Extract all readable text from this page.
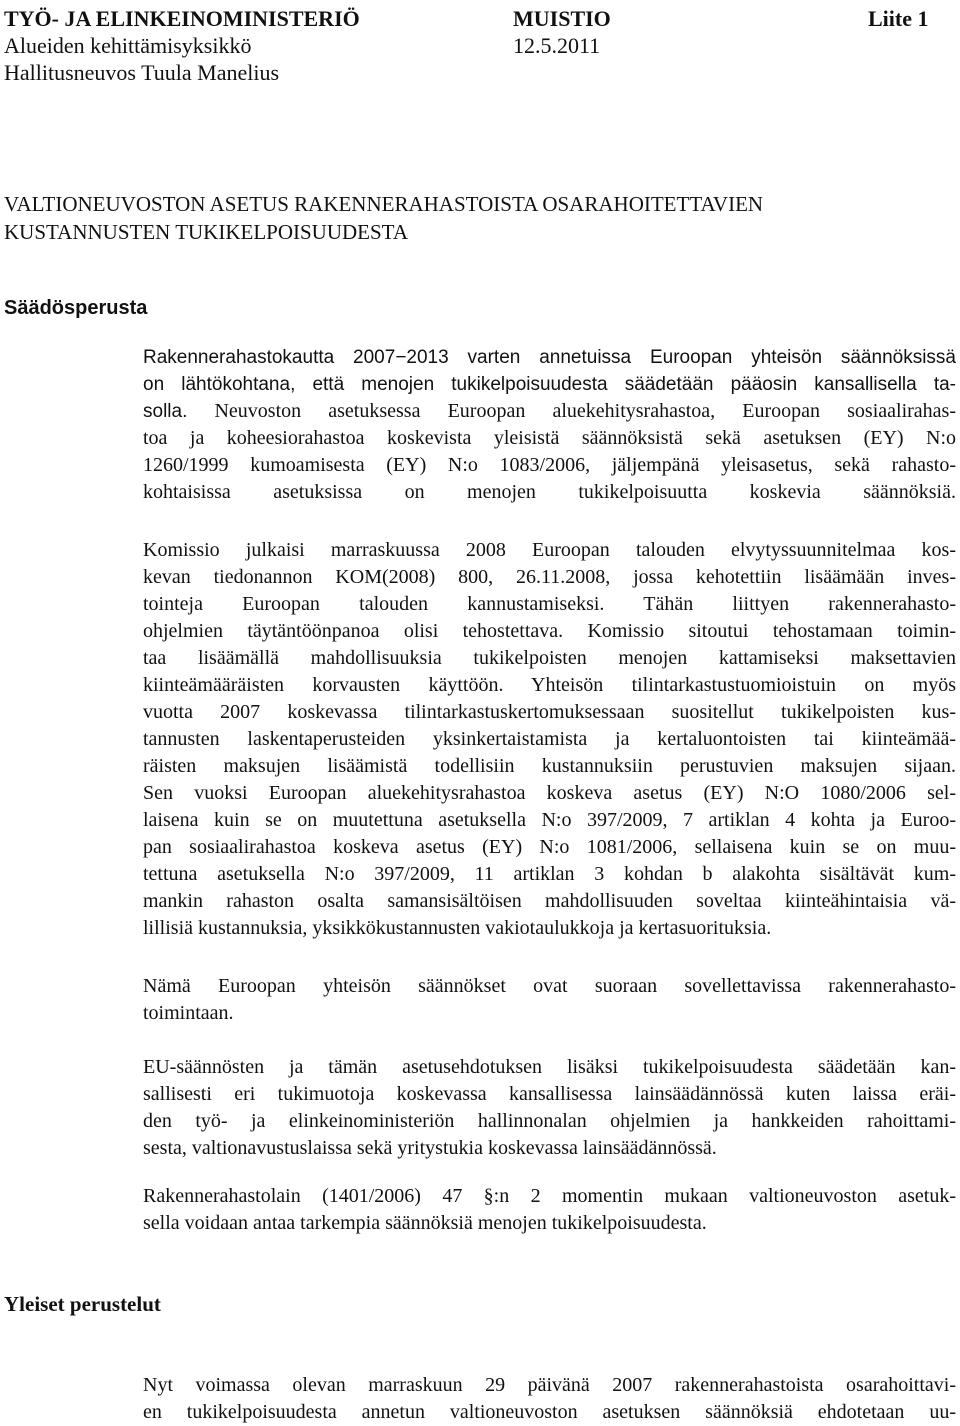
TYÖ- JA ELINKEINOMINISTERIÖ	MUISTIO	Liite 1
Alueiden kehittämisyksikkö	12.5.2011
Hallitusneuvos Tuula Manelius
VALTIONEUVOSTON ASETUS RAKENNERAHASTOISTA OSARAHOITETTAVIEN
KUSTANNUSTEN TUKIKELPOISUUDESTA
Säädösperusta
Rakennerahastokautta 2007−2013 varten annetuissa Euroopan yhteisön säännöksissä
on lähtökohtana, että menojen tukikelpoisuudesta säädetään pääosin kansallisella ta-
solla. Neuvoston asetuksessa Euroopan aluekehitysrahastoa, Euroopan sosiaalirahas-
toa ja koheesiorahastoa koskevista yleisistä säännöksistä sekä asetuksen (EY) N:o
1260/1999 kumoamisesta (EY) N:o 1083/2006, jäljempänä yleisasetus, sekä rahasto-
kohtaisissa asetuksissa on menojen tukikelpoisuutta koskevia säännöksiä.
Komissio julkaisi marraskuussa 2008 Euroopan talouden elvytyssuunnitelmaa kos-
kevan tiedonannon KOM(2008) 800, 26.11.2008, jossa kehotettiin lisäämään inves-
tointeja Euroopan talouden kannustamiseksi. Tähän liittyen rakennerahasto-
ohjelmien täytäntöönpanoa olisi tehostettava. Komissio sitoutui tehostamaan toimin-
taa lisäämällä mahdollisuuksia tukikelpoisten menojen kattamiseksi maksettavien
kiinteämääräisten korvausten käyttöön. Yhteisön tilintarkastustuomioistuin on myös
vuotta 2007 koskevassa tilintarkastuskertomuksessaan suositellut tukikelpoisten kus-
tannusten laskentaperusteiden yksinkertaistamista ja kertaluontoisten tai kiinteämää-
räisten maksujen lisäämistä todellisiin kustannuksiin perustuvien maksujen sijaan.
Sen vuoksi Euroopan aluekehitysrahastoa koskeva asetus (EY) N:O 1080/2006 sel-
laisena kuin se on muutettuna asetuksella N:o 397/2009, 7 artiklan 4 kohta ja Euroo-
pan sosiaalirahastoa koskeva asetus (EY) N:o 1081/2006, sellaisena kuin se on muu-
tettuna asetuksella N:o 397/2009, 11 artiklan 3 kohdan b alakohta sisältävät kum-
mankin rahaston osalta samansisältöisen mahdollisuuden soveltaa kiinteähintaisia vä-
lillisiä kustannuksia, yksikkökustannusten vakiotaulukkoja ja kertasuorituksia.
Nämä Euroopan yhteisön säännökset ovat suoraan sovellettavissa rakennerahasto-
toimintaan.
EU-säännösten ja tämän asetusehdotuksen lisäksi tukikelpoisuudesta säädetään kan-
sallisesti eri tukimuotoja koskevassa kansallisessa lainsäädännössä kuten laissa eräi-
den työ- ja elinkeinoministeriön hallinnonalan ohjelmien ja hankkeiden rahoittami-
sesta, valtionavustuslaissa sekä yritystukia koskevassa lainsäädännössä.
Rakennerahastolain (1401/2006) 47 §:n 2 momentin mukaan valtioneuvoston asetuk-
sella voidaan antaa tarkempia säännöksiä menojen tukikelpoisuudesta.
Yleiset perustelut
Nyt voimassa olevan marraskuun 29 päivänä 2007 rakennerahastoista osarahoittavi-
en tukikelpoisuudesta annetun valtioneuvoston asetuksen säännöksiä ehdotetaan uu-
